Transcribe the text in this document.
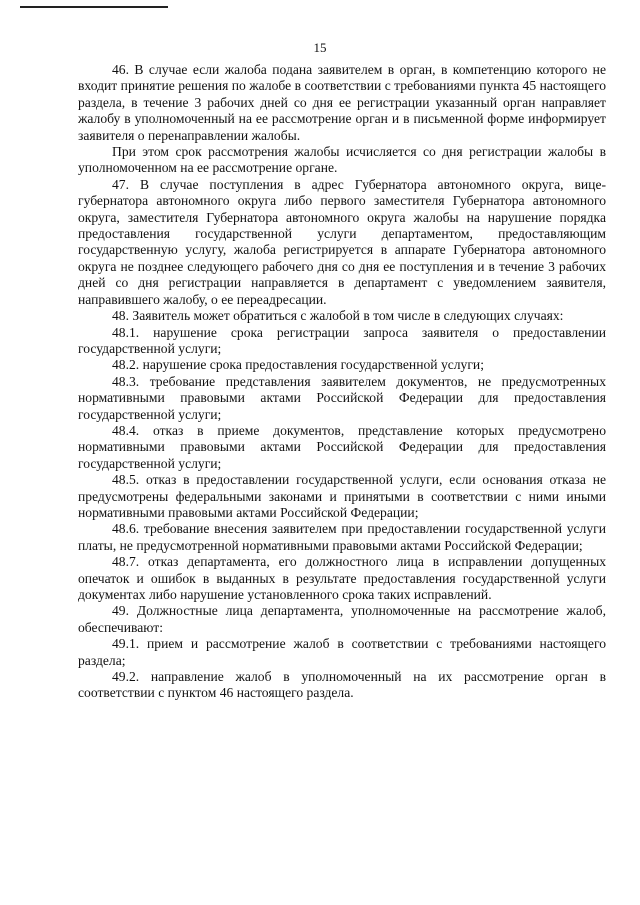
15

46. В случае если жалоба подана заявителем в орган, в компетенцию которого не входит принятие решения по жалобе в соответствии с требованиями пункта 45 настоящего раздела, в течение 3 рабочих дней со дня ее регистрации указанный орган направляет жалобу в уполномоченный на ее рассмотрение орган и в письменной форме информирует заявителя о перенаправлении жалобы.

При этом срок рассмотрения жалобы исчисляется со дня регистрации жалобы в уполномоченном на ее рассмотрение органе.

47. В случае поступления в адрес Губернатора автономного округа, вице-губернатора автономного округа либо первого заместителя Губернатора автономного округа, заместителя Губернатора автономного округа жалобы на нарушение порядка предоставления государственной услуги департаментом, предоставляющим государственную услугу, жалоба регистрируется в аппарате Губернатора автономного округа не позднее следующего рабочего дня со дня ее поступления и в течение 3 рабочих дней со дня регистрации направляется в департамент с уведомлением заявителя, направившего жалобу, о ее переадресации.

48. Заявитель может обратиться с жалобой в том числе в следующих случаях:

48.1. нарушение срока регистрации запроса заявителя о предоставлении государственной услуги;

48.2. нарушение срока предоставления государственной услуги;

48.3. требование представления заявителем документов, не предусмотренных нормативными правовыми актами Российской Федерации для предоставления государственной услуги;

48.4. отказ в приеме документов, представление которых предусмотрено нормативными правовыми актами Российской Федерации для предоставления государственной услуги;

48.5. отказ в предоставлении государственной услуги, если основания отказа не предусмотрены федеральными законами и принятыми в соответствии с ними иными нормативными правовыми актами Российской Федерации;

48.6. требование внесения заявителем при предоставлении государственной услуги платы, не предусмотренной нормативными правовыми актами Российской Федерации;

48.7. отказ департамента, его должностного лица в исправлении допущенных опечаток и ошибок в выданных в результате предоставления государственной услуги документах либо нарушение установленного срока таких исправлений.

49. Должностные лица департамента, уполномоченные на рассмотрение жалоб, обеспечивают:

49.1. прием и рассмотрение жалоб в соответствии с требованиями настоящего раздела;

49.2. направление жалоб в уполномоченный на их рассмотрение орган в соответствии с пунктом 46 настоящего раздела.
